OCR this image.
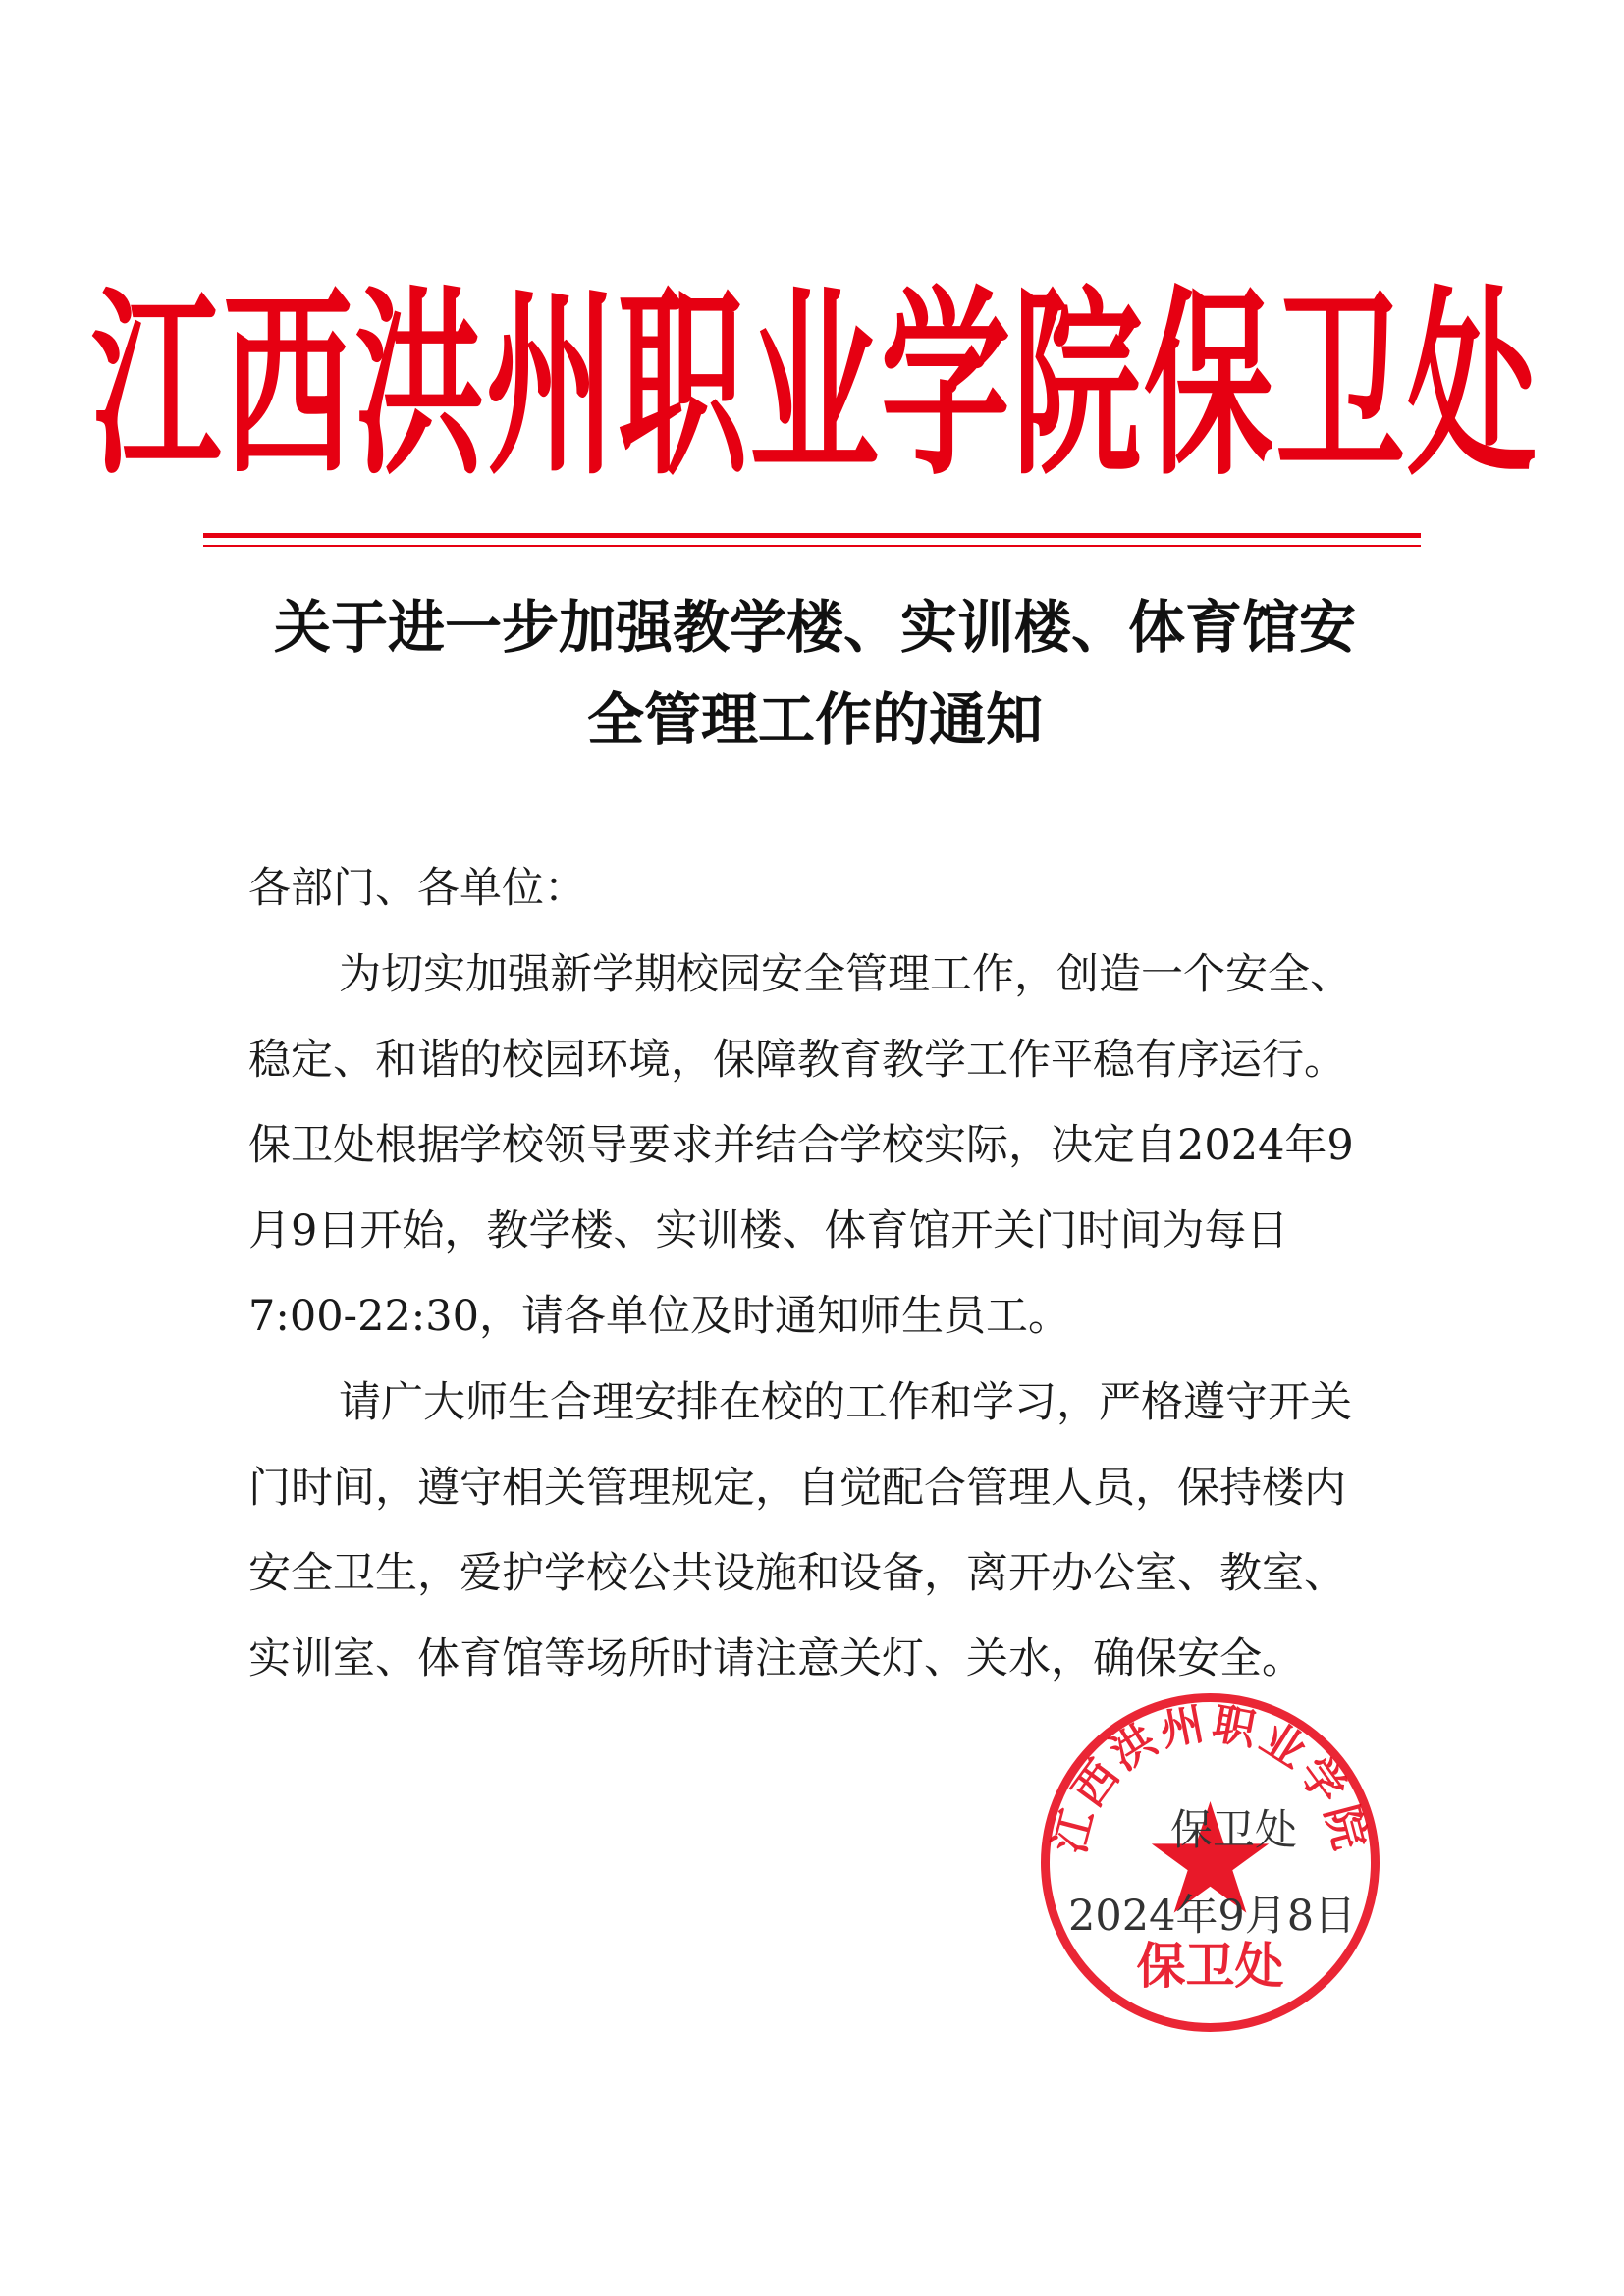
江西洪州职业学院保卫处
关于进一步加强教学楼、实训楼、体育馆安
全管理工作的通知
各部门、各单位：
为切实加强新学期校园安全管理工作，创造一个安全、
稳定、和谐的校园环境，保障教育教学工作平稳有序运行。
保卫处根据学校领导要求并结合学校实际，决定自2024年9
月9日开始，教学楼、实训楼、体育馆开关门时间为每日
7:00-22:30，请各单位及时通知师生员工。
请广大师生合理安排在校的工作和学习，严格遵守开关
门时间，遵守相关管理规定，自觉配合管理人员，保持楼内
安全卫生，爱护学校公共设施和设备，离开办公室、教室、
实训室、体育馆等场所时请注意关灯、关水，确保安全。
江西洪州职业学院
保卫处
保卫处
2024年9月8日
